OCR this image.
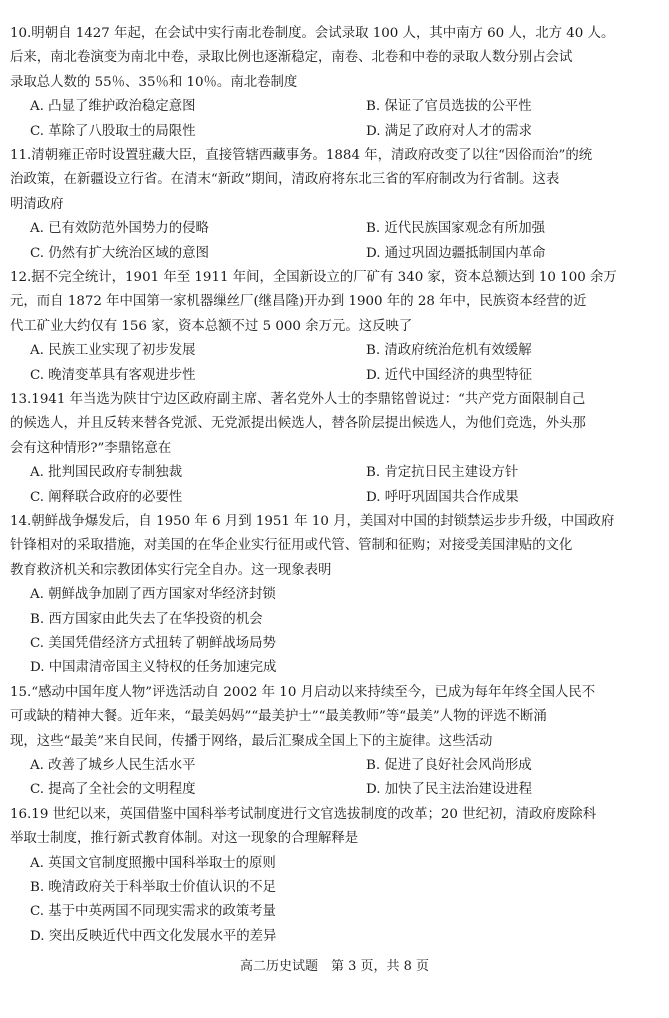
10.明朝自 1427 年起，在会试中实行南北卷制度。会试录取 100 人，其中南方 60 人，北方 40 人。
后来，南北卷演变为南北中卷，录取比例也逐渐稳定，南卷、北卷和中卷的录取人数分别占会试
录取总人数的 55％、35％和 10％。南北卷制度
A. 凸显了维护政治稳定意图	B. 保证了官员选拔的公平性
C. 革除了八股取士的局限性	D. 满足了政府对人才的需求
11.清朝雍正帝时设置驻藏大臣，直接管辖西藏事务。1884 年，清政府改变了以往“因俗而治”的统
治政策，在新疆设立行省。在清末“新政”期间，清政府将东北三省的军府制改为行省制。这表
明清政府
A. 已有效防范外国势力的侵略	B. 近代民族国家观念有所加强
C. 仍然有扩大统治区域的意图	D. 通过巩固边疆抵制国内革命
12.据不完全统计，1901 年至 1911 年间，全国新设立的厂矿有 340 家，资本总额达到 10 100 余万
元，而自 1872 年中国第一家机器缫丝厂(继昌隆)开办到 1900 年的 28 年中，民族资本经营的近
代工矿业大约仅有 156 家，资本总额不过 5 000 余万元。这反映了
A. 民族工业实现了初步发展	B. 清政府统治危机有效缓解
C. 晚清变革具有客观进步性	D. 近代中国经济的典型特征
13.1941 年当选为陕甘宁边区政府副主席、著名党外人士的李鼎铭曾说过：“共产党方面限制自己
的候选人，并且反转来替各党派、无党派提出候选人，替各阶层提出候选人，为他们竞选，外头那
会有这种情形?”李鼎铭意在
A. 批判国民政府专制独裁	B. 肯定抗日民主建设方针
C. 阐释联合政府的必要性	D. 呼吁巩固国共合作成果
14.朝鲜战争爆发后，自 1950 年 6 月到 1951 年 10 月，美国对中国的封锁禁运步步升级，中国政府
针锋相对的采取措施，对美国的在华企业实行征用或代管、管制和征购；对接受美国津贴的文化
教育救济机关和宗教团体实行完全自办。这一现象表明
A. 朝鲜战争加剧了西方国家对华经济封锁
B. 西方国家由此失去了在华投资的机会
C. 美国凭借经济方式扭转了朝鲜战场局势
D. 中国肃清帝国主义特权的任务加速完成
15.“感动中国年度人物”评选活动自 2002 年 10 月启动以来持续至今，已成为每年年终全国人民不
可或缺的精神大餐。近年来，“最美妈妈”“最美护士”“最美教师”等“最美”人物的评选不断涌
现，这些“最美”来自民间，传播于网络，最后汇聚成全国上下的主旋律。这些活动
A. 改善了城乡人民生活水平	B. 促进了良好社会风尚形成
C. 提高了全社会的文明程度	D. 加快了民主法治建设进程
16.19 世纪以来，英国借鉴中国科举考试制度进行文官选拔制度的改革；20 世纪初，清政府废除科
举取士制度，推行新式教育体制。对这一现象的合理解释是
A. 英国文官制度照搬中国科举取士的原则
B. 晚清政府关于科举取士价值认识的不足
C. 基于中英两国不同现实需求的政策考量
D. 突出反映近代中西文化发展水平的差异
高二历史试题　第 3 页，共 8 页
